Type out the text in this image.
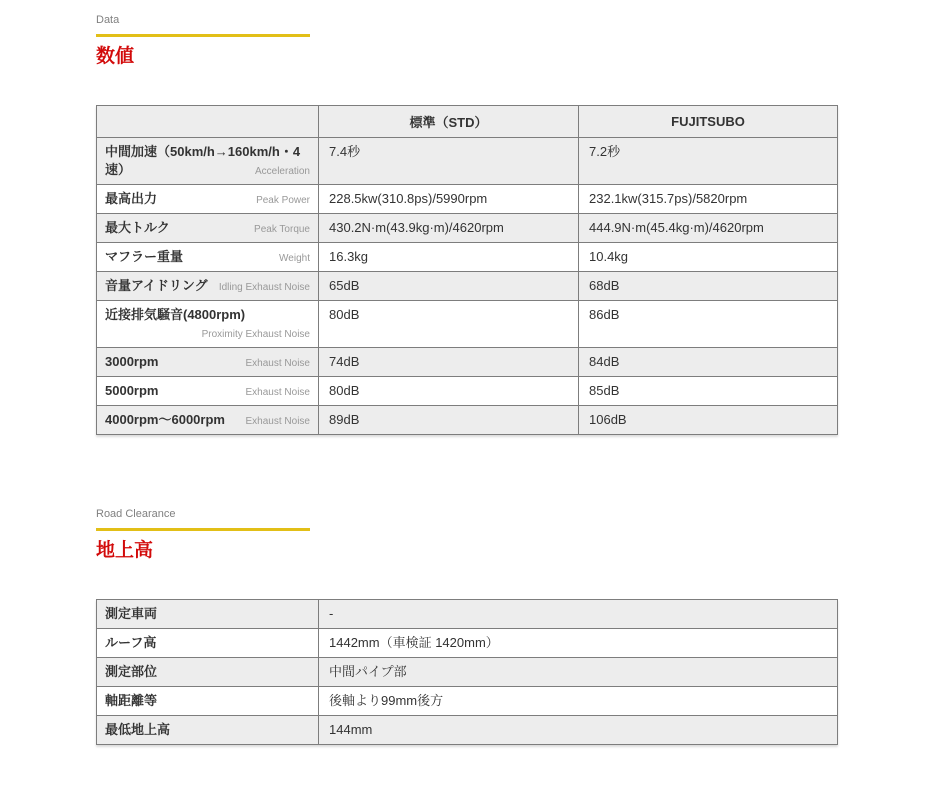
Data

数値
	標準（STD）	FUJITSUBO
中間加速（50km/h→160km/h・4速） Acceleration	7.4秒	7.2秒
最高出力 Peak Power	228.5kw(310.8ps)/5990rpm	232.1kw(315.7ps)/5820rpm
最大トルク Peak Torque	430.2N·m(43.9kg·m)/4620rpm	444.9N·m(45.4kg·m)/4620rpm
マフラー重量 Weight	16.3kg	10.4kg
音量アイドリング Idling Exhaust Noise	65dB	68dB
近接排気騒音(4800rpm)
Proximity Exhaust Noise	80dB	86dB
3000rpm Exhaust Noise	74dB	84dB
5000rpm Exhaust Noise	80dB	85dB
4000rpm〜6000rpm Exhaust Noise	89dB	106dB

Road Clearance

地上高
測定車両	-
ルーフ高	1442mm（車検証 1420mm）
測定部位	中間パイプ部
軸距離等	後軸より99mm後方
最低地上高	144mm
